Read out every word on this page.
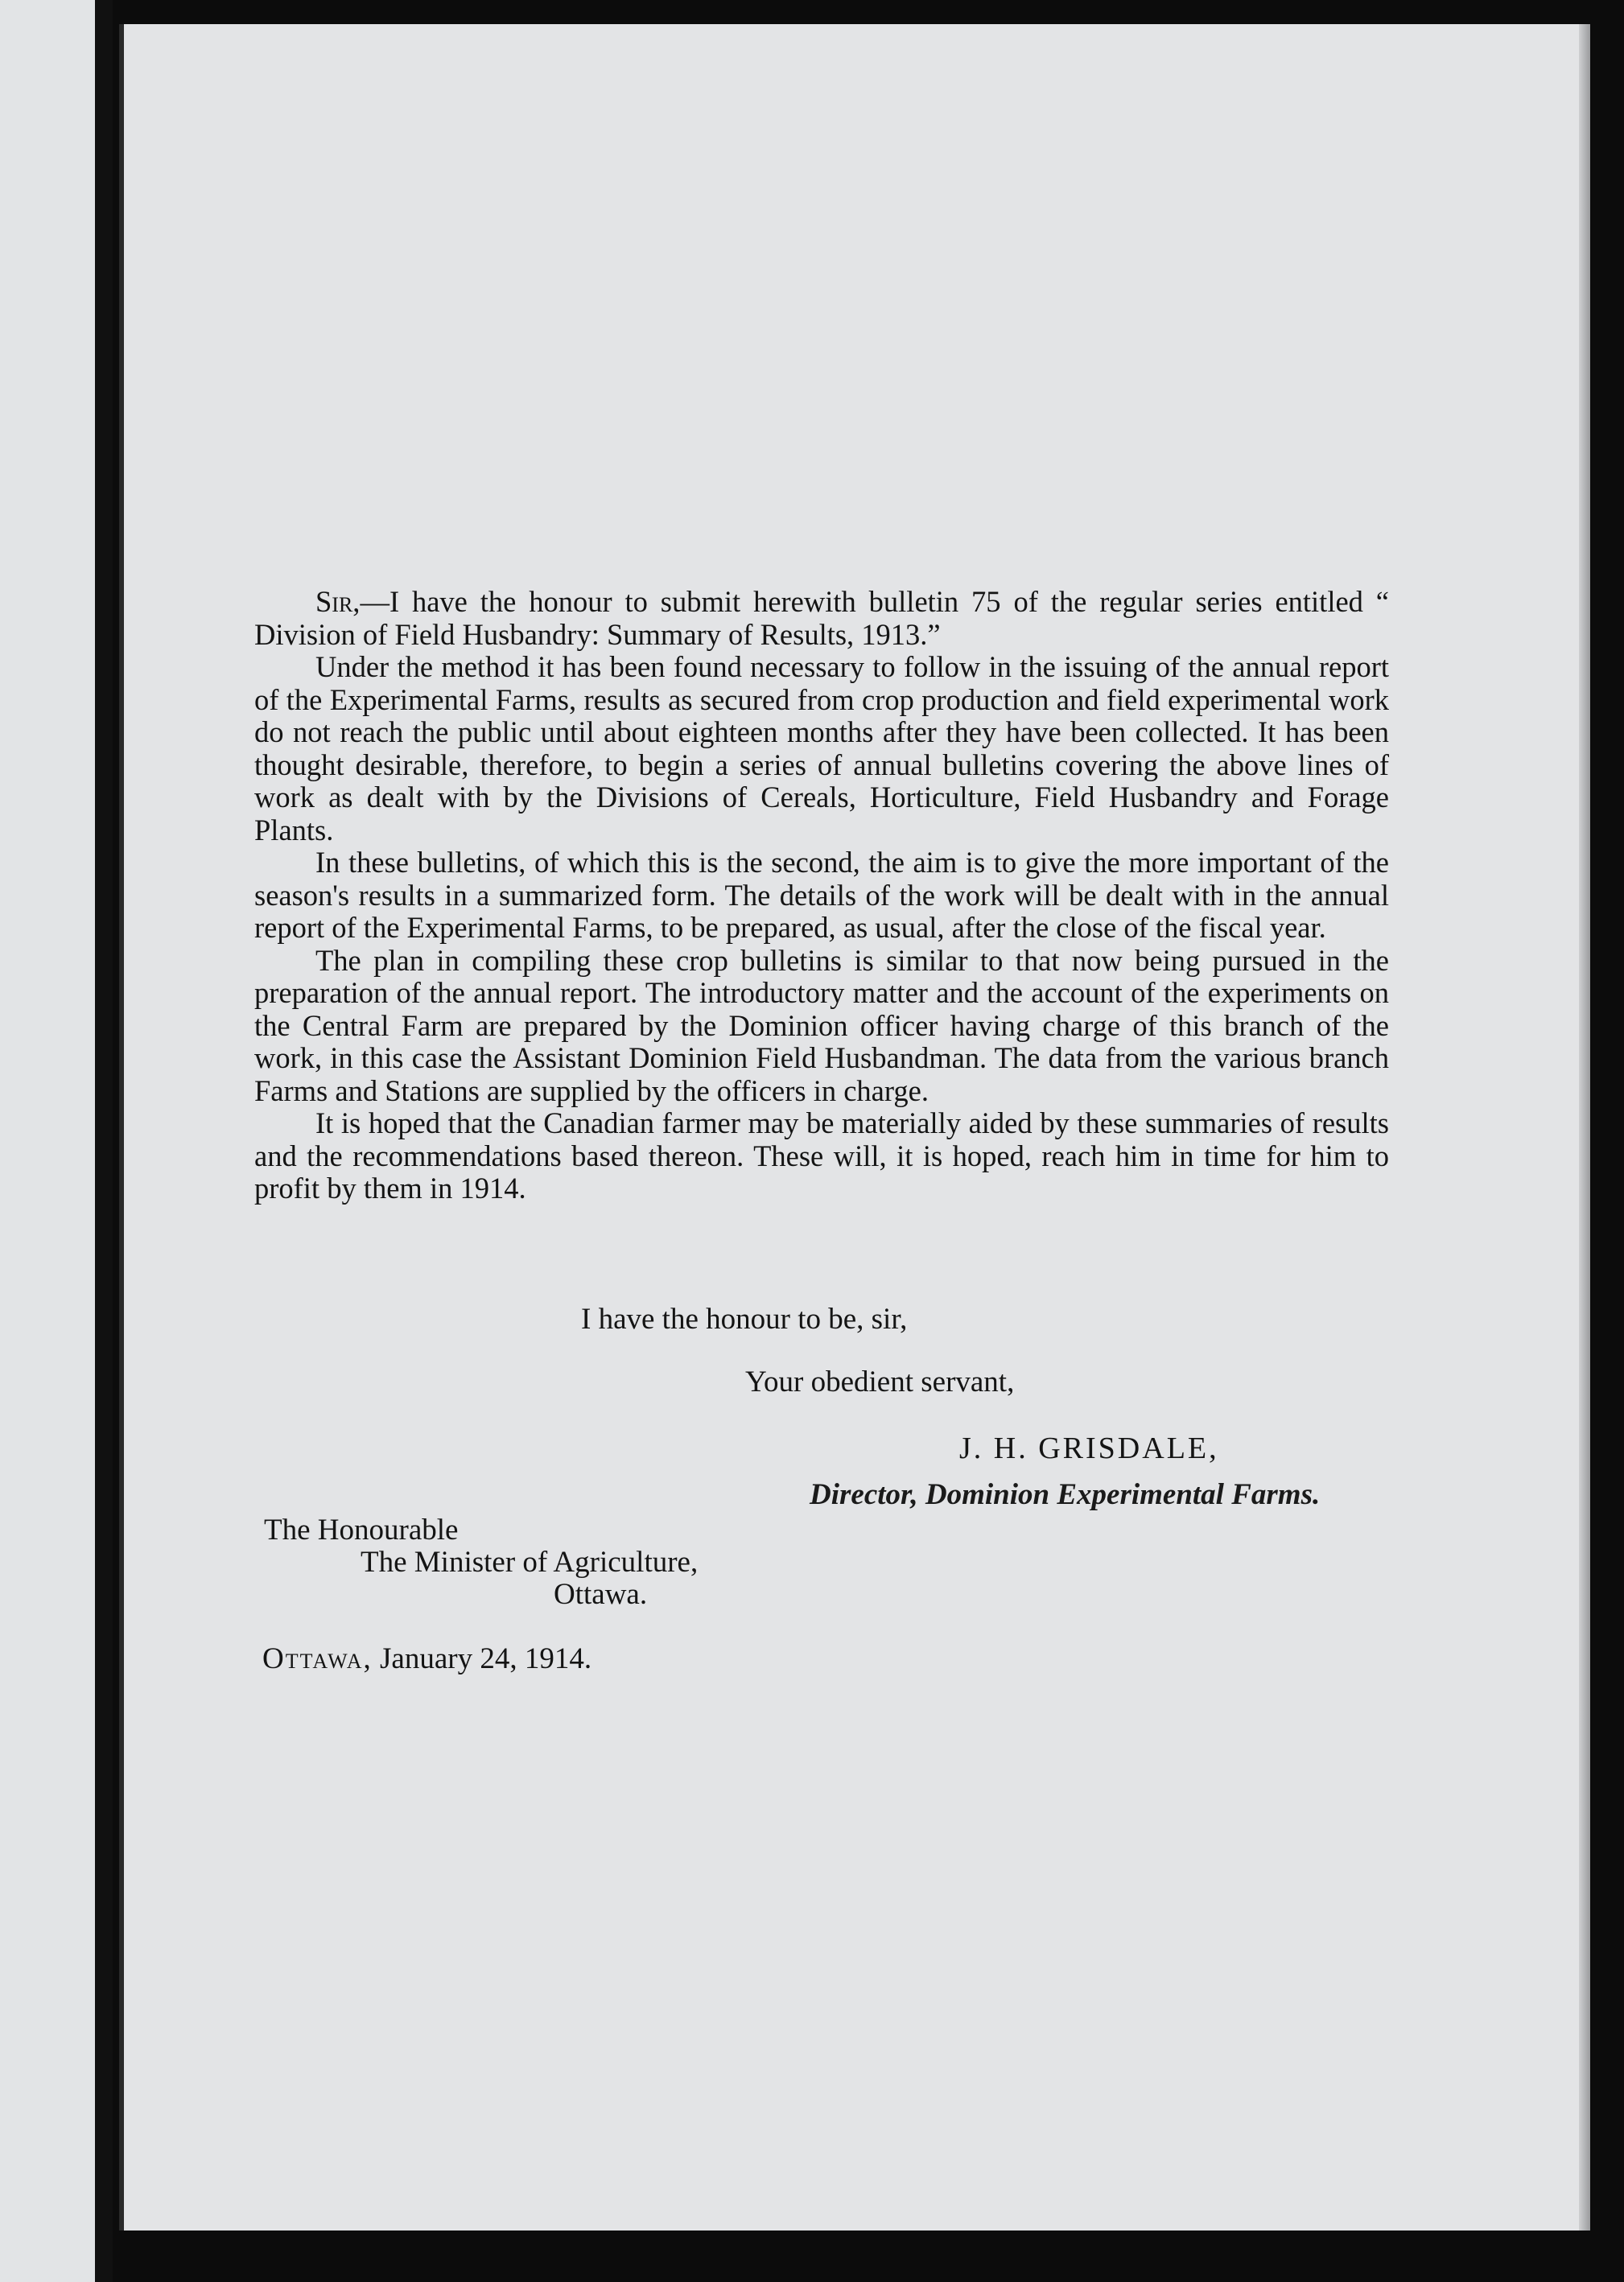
Sir,—I have the honour to submit herewith bulletin 75 of the regular series entitled “ Division of Field Husbandry: Summary of Results, 1913.”

Under the method it has been found necessary to follow in the issuing of the annual report of the Experimental Farms, results as secured from crop production and field experimental work do not reach the public until about eighteen months after they have been collected. It has been thought desirable, therefore, to begin a series of annual bulletins covering the above lines of work as dealt with by the Divisions of Cereals, Horticulture, Field Husbandry and Forage Plants.

In these bulletins, of which this is the second, the aim is to give the more important of the season's results in a summarized form. The details of the work will be dealt with in the annual report of the Experimental Farms, to be prepared, as usual, after the close of the fiscal year.

The plan in compiling these crop bulletins is similar to that now being pursued in the preparation of the annual report. The introductory matter and the account of the experiments on the Central Farm are prepared by the Dominion officer having charge of this branch of the work, in this case the Assistant Dominion Field Husbandman. The data from the various branch Farms and Stations are supplied by the officers in charge.

It is hoped that the Canadian farmer may be materially aided by these summaries of results and the recommendations based thereon. These will, it is hoped, reach him in time for him to profit by them in 1914.

I have the honour to be, sir,
Your obedient servant,
J. H. GRISDALE,
Director, Dominion Experimental Farms.
The Honourable
The Minister of Agriculture,
Ottawa.
Ottawa, January 24, 1914.
